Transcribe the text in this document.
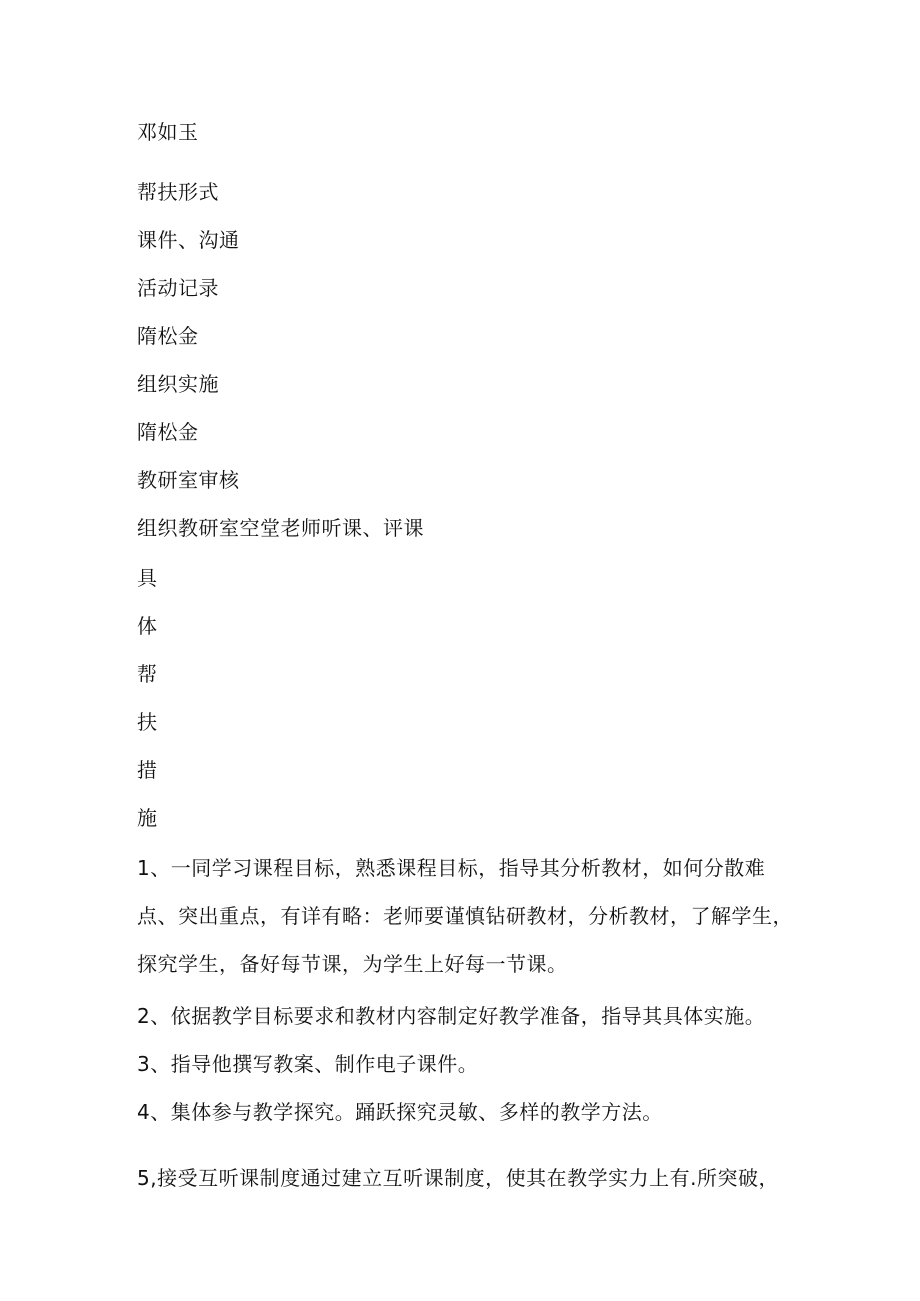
邓如玉
帮扶形式
课件、沟通
活动记录
隋松金
组织实施
隋松金
教研室审核
组织教研室空堂老师听课、评课
具
体
帮
扶
措
施
1、一同学习课程目标，熟悉课程目标，指导其分析教材，如何分散难
点、突出重点，有详有略：老师要谨慎钻研教材，分析教材，了解学生，
探究学生，备好每节课，为学生上好每一节课。
2、依据教学目标要求和教材内容制定好教学准备，指导其具体实施。
3、指导他撰写教案、制作电子课件。
4、集体参与教学探究。踊跃探究灵敏、多样的教学方法。
5,接受互听课制度通过建立互听课制度，使其在教学实力上有.所突破，
